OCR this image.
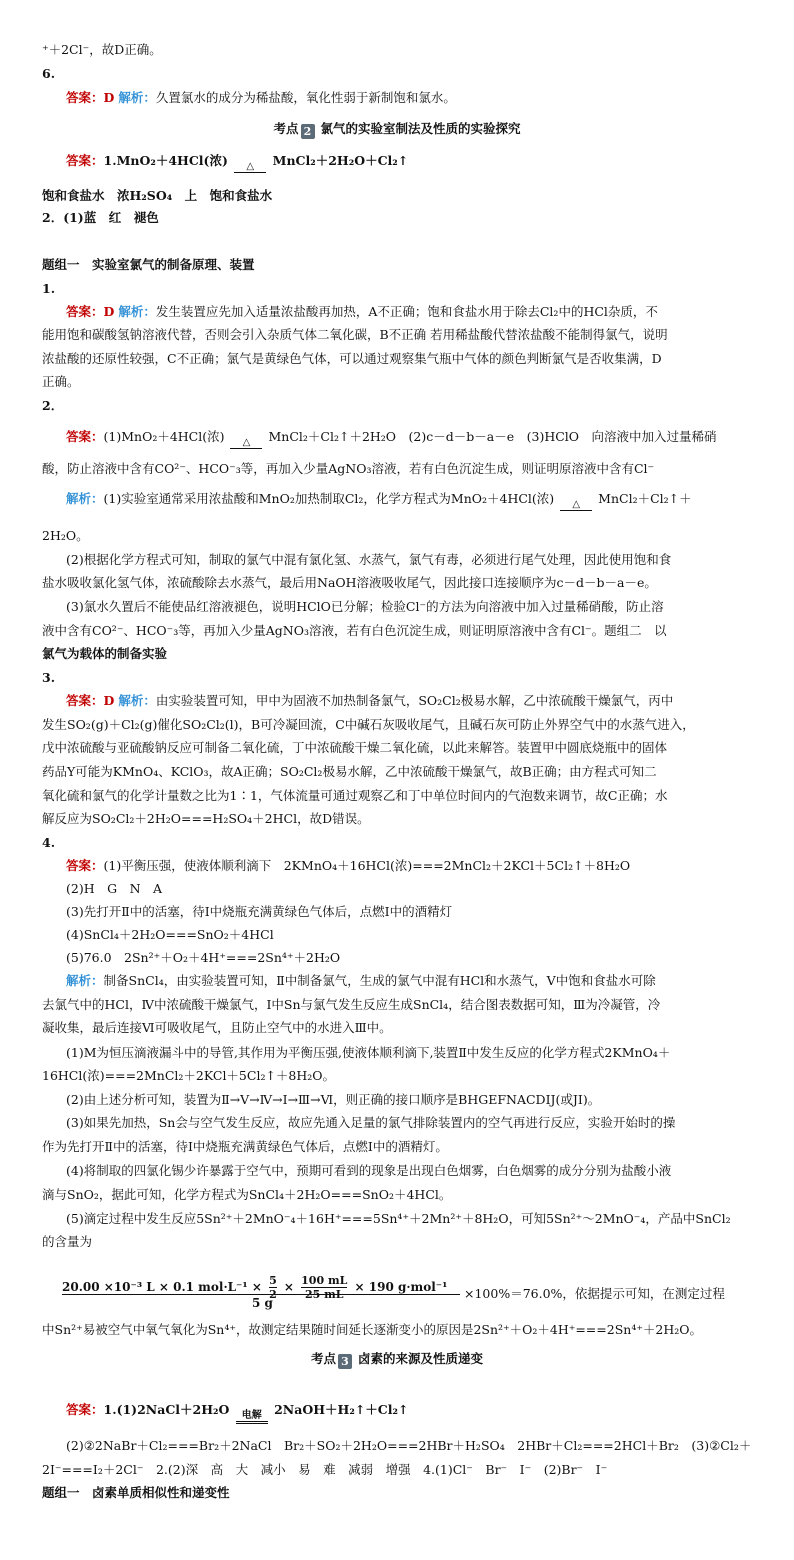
⁺＋2Cl⁻，故D正确。
6.
答案：D 解析：久置氯水的成分为稀盐酸，氧化性弱于新制饱和氯水。
考点 2 氯气的实验室制法及性质的实验探究
答案：1.MnO₂＋4HCl(浓)	△	MnCl₂＋2H₂O＋Cl₂↑
饱和食盐水　浓H₂SO₄　上　饱和食盐水
2．(1)蓝　红　褪色
题组一　实验室氯气的制备原理、装置
1.
答案：D 解析：发生装置应先加入适量浓盐酸再加热，A不正确；饱和食盐水用于除去Cl₂中的HCl杂质，不
能用饱和碳酸氢钠溶液代替，否则会引入杂质气体二氧化碳，B不正确 若用稀盐酸代替浓盐酸不能制得氯气，说明
浓盐酸的还原性较强，C不正确；氯气是黄绿色气体，可以通过观察集气瓶中气体的颜色判断氯气是否收集满，D
正确。
2．
答案：(1)MnO₂＋4HCl(浓)	△	MnCl₂＋Cl₂↑＋2H₂O　(2)c－d－b－a－e　(3)HClO　向溶液中加入过量稀硝
酸，防止溶液中含有CO²⁻、HCO⁻₃等，再加入少量AgNO₃溶液，若有白色沉淀生成，则证明原溶液中含有Cl⁻
解析：(1)实验室通常采用浓盐酸和MnO₂加热制取Cl₂，化学方程式为MnO₂＋4HCl(浓)	△	MnCl₂＋Cl₂↑＋
2H₂O。
(2)根据化学方程式可知，制取的氯气中混有氯化氢、水蒸气，氯气有毒，必须进行尾气处理，因此使用饱和食
盐水吸收氯化氢气体，浓硫酸除去水蒸气，最后用NaOH溶液吸收尾气，因此接口连接顺序为c－d－b－a－e。
(3)氯水久置后不能使品红溶液褪色，说明HClO已分解；检验Cl⁻的方法为向溶液中加入过量稀硝酸，防止溶
液中含有CO²⁻、HCO⁻₃等，再加入少量AgNO₃溶液，若有白色沉淀生成，则证明原溶液中含有Cl⁻。题组二　以
氯气为载体的制备实验
3.
答案：D 解析：由实验装置可知，甲中为固液不加热制备氯气，SO₂Cl₂极易水解，乙中浓硫酸干燥氯气，丙中
发生SO₂(g)＋Cl₂(g)催化SO₂Cl₂(l)，B可冷凝回流，C中碱石灰吸收尾气，且碱石灰可防止外界空气中的水蒸气进入，
戊中浓硫酸与亚硫酸钠反应可制备二氧化硫，丁中浓硫酸干燥二氧化硫，以此来解答。装置甲中圆底烧瓶中的固体
药品Y可能为KMnO₄、KClO₃，故A正确；SO₂Cl₂极易水解，乙中浓硫酸干燥氯气，故B正确；由方程式可知二
氧化硫和氯气的化学计量数之比为1∶1，气体流量可通过观察乙和丁中单位时间内的气泡数来调节，故C正确；水
解反应为SO₂Cl₂＋2H₂O===H₂SO₄＋2HCl，故D错误。
4.
答案：(1)平衡压强，使液体顺利滴下　2KMnO₄＋16HCl(浓)===2MnCl₂＋2KCl＋5Cl₂↑＋8H₂O
(2)H　G　N　A
(3)先打开Ⅱ中的活塞，待Ⅰ中烧瓶充满黄绿色气体后，点燃Ⅰ中的酒精灯
(4)SnCl₄＋2H₂O===SnO₂＋4HCl
(5)76.0　2Sn²⁺＋O₂＋4H⁺===2Sn⁴⁺＋2H₂O
解析：制备SnCl₄，由实验装置可知，Ⅱ中制备氯气，生成的氯气中混有HCl和水蒸气，Ⅴ中饱和食盐水可除
去氯气中的HCl，Ⅳ中浓硫酸干燥氯气，Ⅰ中Sn与氯气发生反应生成SnCl₄，结合图表数据可知，Ⅲ为冷凝管，冷
凝收集，最后连接Ⅵ可吸收尾气，且防止空气中的水进入Ⅲ中。
(1)M为恒压滴液漏斗中的导管,其作用为平衡压强,使液体顺利滴下,装置Ⅱ中发生反应的化学方程式2KMnO₄＋
16HCl(浓)===2MnCl₂＋2KCl＋5Cl₂↑＋8H₂O。
(2)由上述分析可知，装置为Ⅱ→Ⅴ→Ⅳ→Ⅰ→Ⅲ→Ⅵ，则正确的接口顺序是BHGEFNACDIJ(或JI)。
(3)如果先加热，Sn会与空气发生反应，故应先通入足量的氯气排除装置内的空气再进行反应，实验开始时的操
作为先打开Ⅱ中的活塞，待Ⅰ中烧瓶充满黄绿色气体后，点燃Ⅰ中的酒精灯。
(4)将制取的四氯化锡少许暴露于空气中，预期可看到的现象是出现白色烟雾，白色烟雾的成分分别为盐酸小液
滴与SnO₂，据此可知，化学方程式为SnCl₄＋2H₂O===SnO₂＋4HCl。
(5)滴定过程中发生反应5Sn²⁺＋2MnO⁻₄＋16H⁺===5Sn⁴⁺＋2Mn²⁺＋8H₂O，可知5Sn²⁺～2MnO⁻₄，产品中SnCl₂
的含量为
20.00 ×10⁻³ L × 0.1 $mol\cdot L^{-1} \times \frac{5}{2} \times \frac{100 mL}{25 mL} \times 190$ g·mol⁻¹
5 g
×100%＝76.0%，依据提示可知，在测定过程
中Sn²⁺易被空气中氧气氧化为Sn⁴⁺，故测定结果随时间延长逐渐变小的原因是2Sn²⁺＋O₂＋4H⁺===2Sn⁴⁺＋2H₂O。
考点 3 卤素的来源及性质递变
答案：1.(1)2NaCl＋2H₂O	电解 2NaOH＋H₂↑＋Cl₂↑
(2)②2NaBr＋Cl₂===Br₂＋2NaCl　Br₂＋SO₂＋2H₂O===2HBr＋H₂SO₄　2HBr＋Cl₂===2HCl＋Br₂　(3)②Cl₂＋
2I⁻===I₂＋2Cl⁻　2.(2)深　高　大　减小　易　难　减弱　增强　4.(1)Cl⁻　Br⁻　I⁻　(2)Br⁻　I⁻
题组一　卤素单质相似性和递变性
